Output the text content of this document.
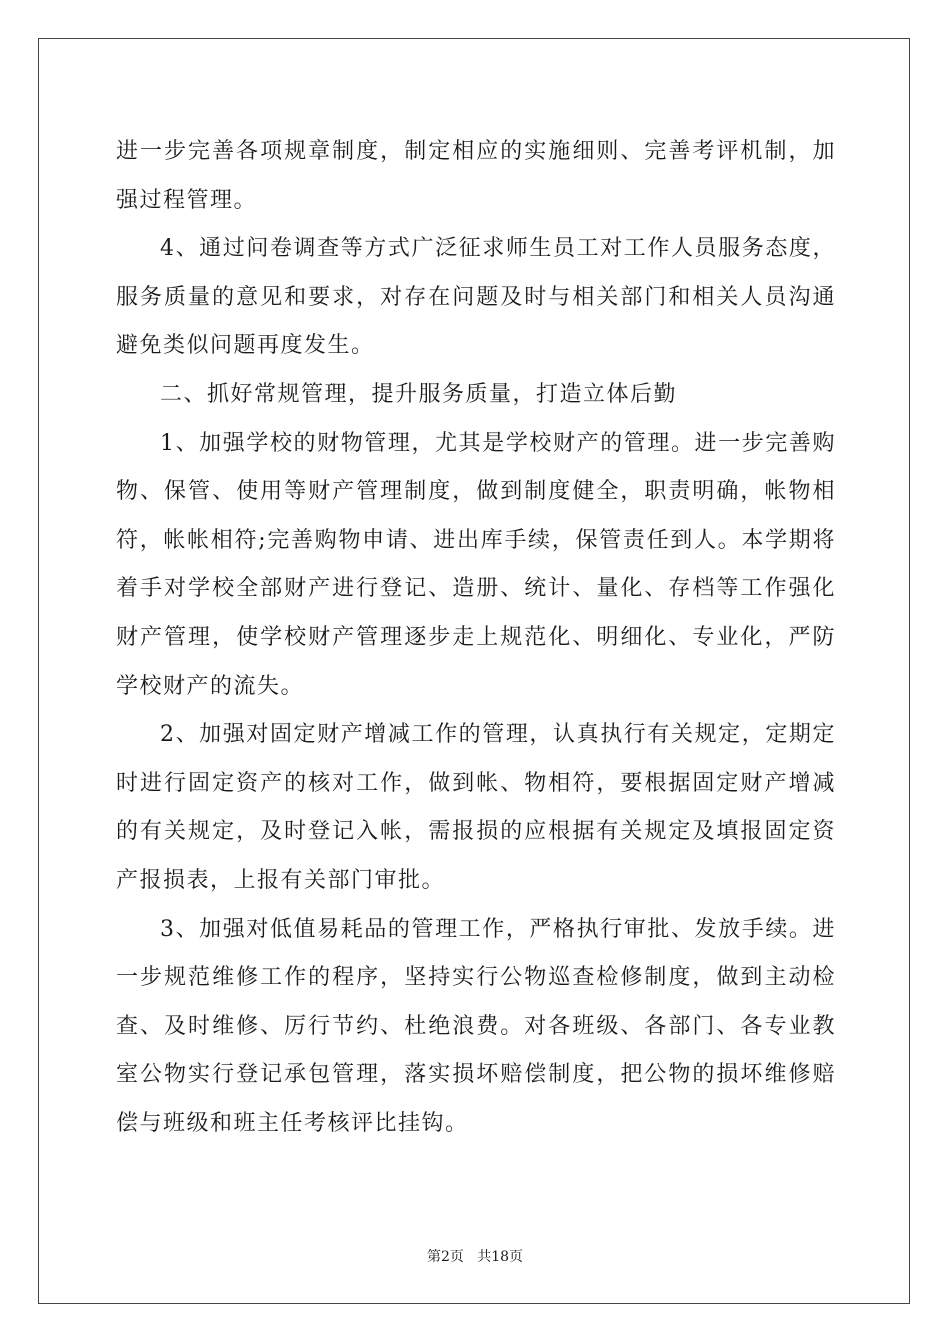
进一步完善各项规章制度，制定相应的实施细则、完善考评机制，加强过程管理。

4、通过问卷调查等方式广泛征求师生员工对工作人员服务态度，服务质量的意见和要求，对存在问题及时与相关部门和相关人员沟通避免类似问题再度发生。

二、抓好常规管理，提升服务质量，打造立体后勤

1、加强学校的财物管理，尤其是学校财产的管理。进一步完善购物、保管、使用等财产管理制度，做到制度健全，职责明确，帐物相符，帐帐相符;完善购物申请、进出库手续，保管责任到人。本学期将着手对学校全部财产进行登记、造册、统计、量化、存档等工作强化财产管理，使学校财产管理逐步走上规范化、明细化、专业化，严防学校财产的流失。

2、加强对固定财产增减工作的管理，认真执行有关规定，定期定时进行固定资产的核对工作，做到帐、物相符，要根据固定财产增减的有关规定，及时登记入帐，需报损的应根据有关规定及填报固定资产报损表，上报有关部门审批。

3、加强对低值易耗品的管理工作，严格执行审批、发放手续。进一步规范维修工作的程序，坚持实行公物巡查检修制度，做到主动检查、及时维修、厉行节约、杜绝浪费。对各班级、各部门、各专业教室公物实行登记承包管理，落实损坏赔偿制度，把公物的损坏维修赔偿与班级和班主任考核评比挂钩。

第2页   共18页
